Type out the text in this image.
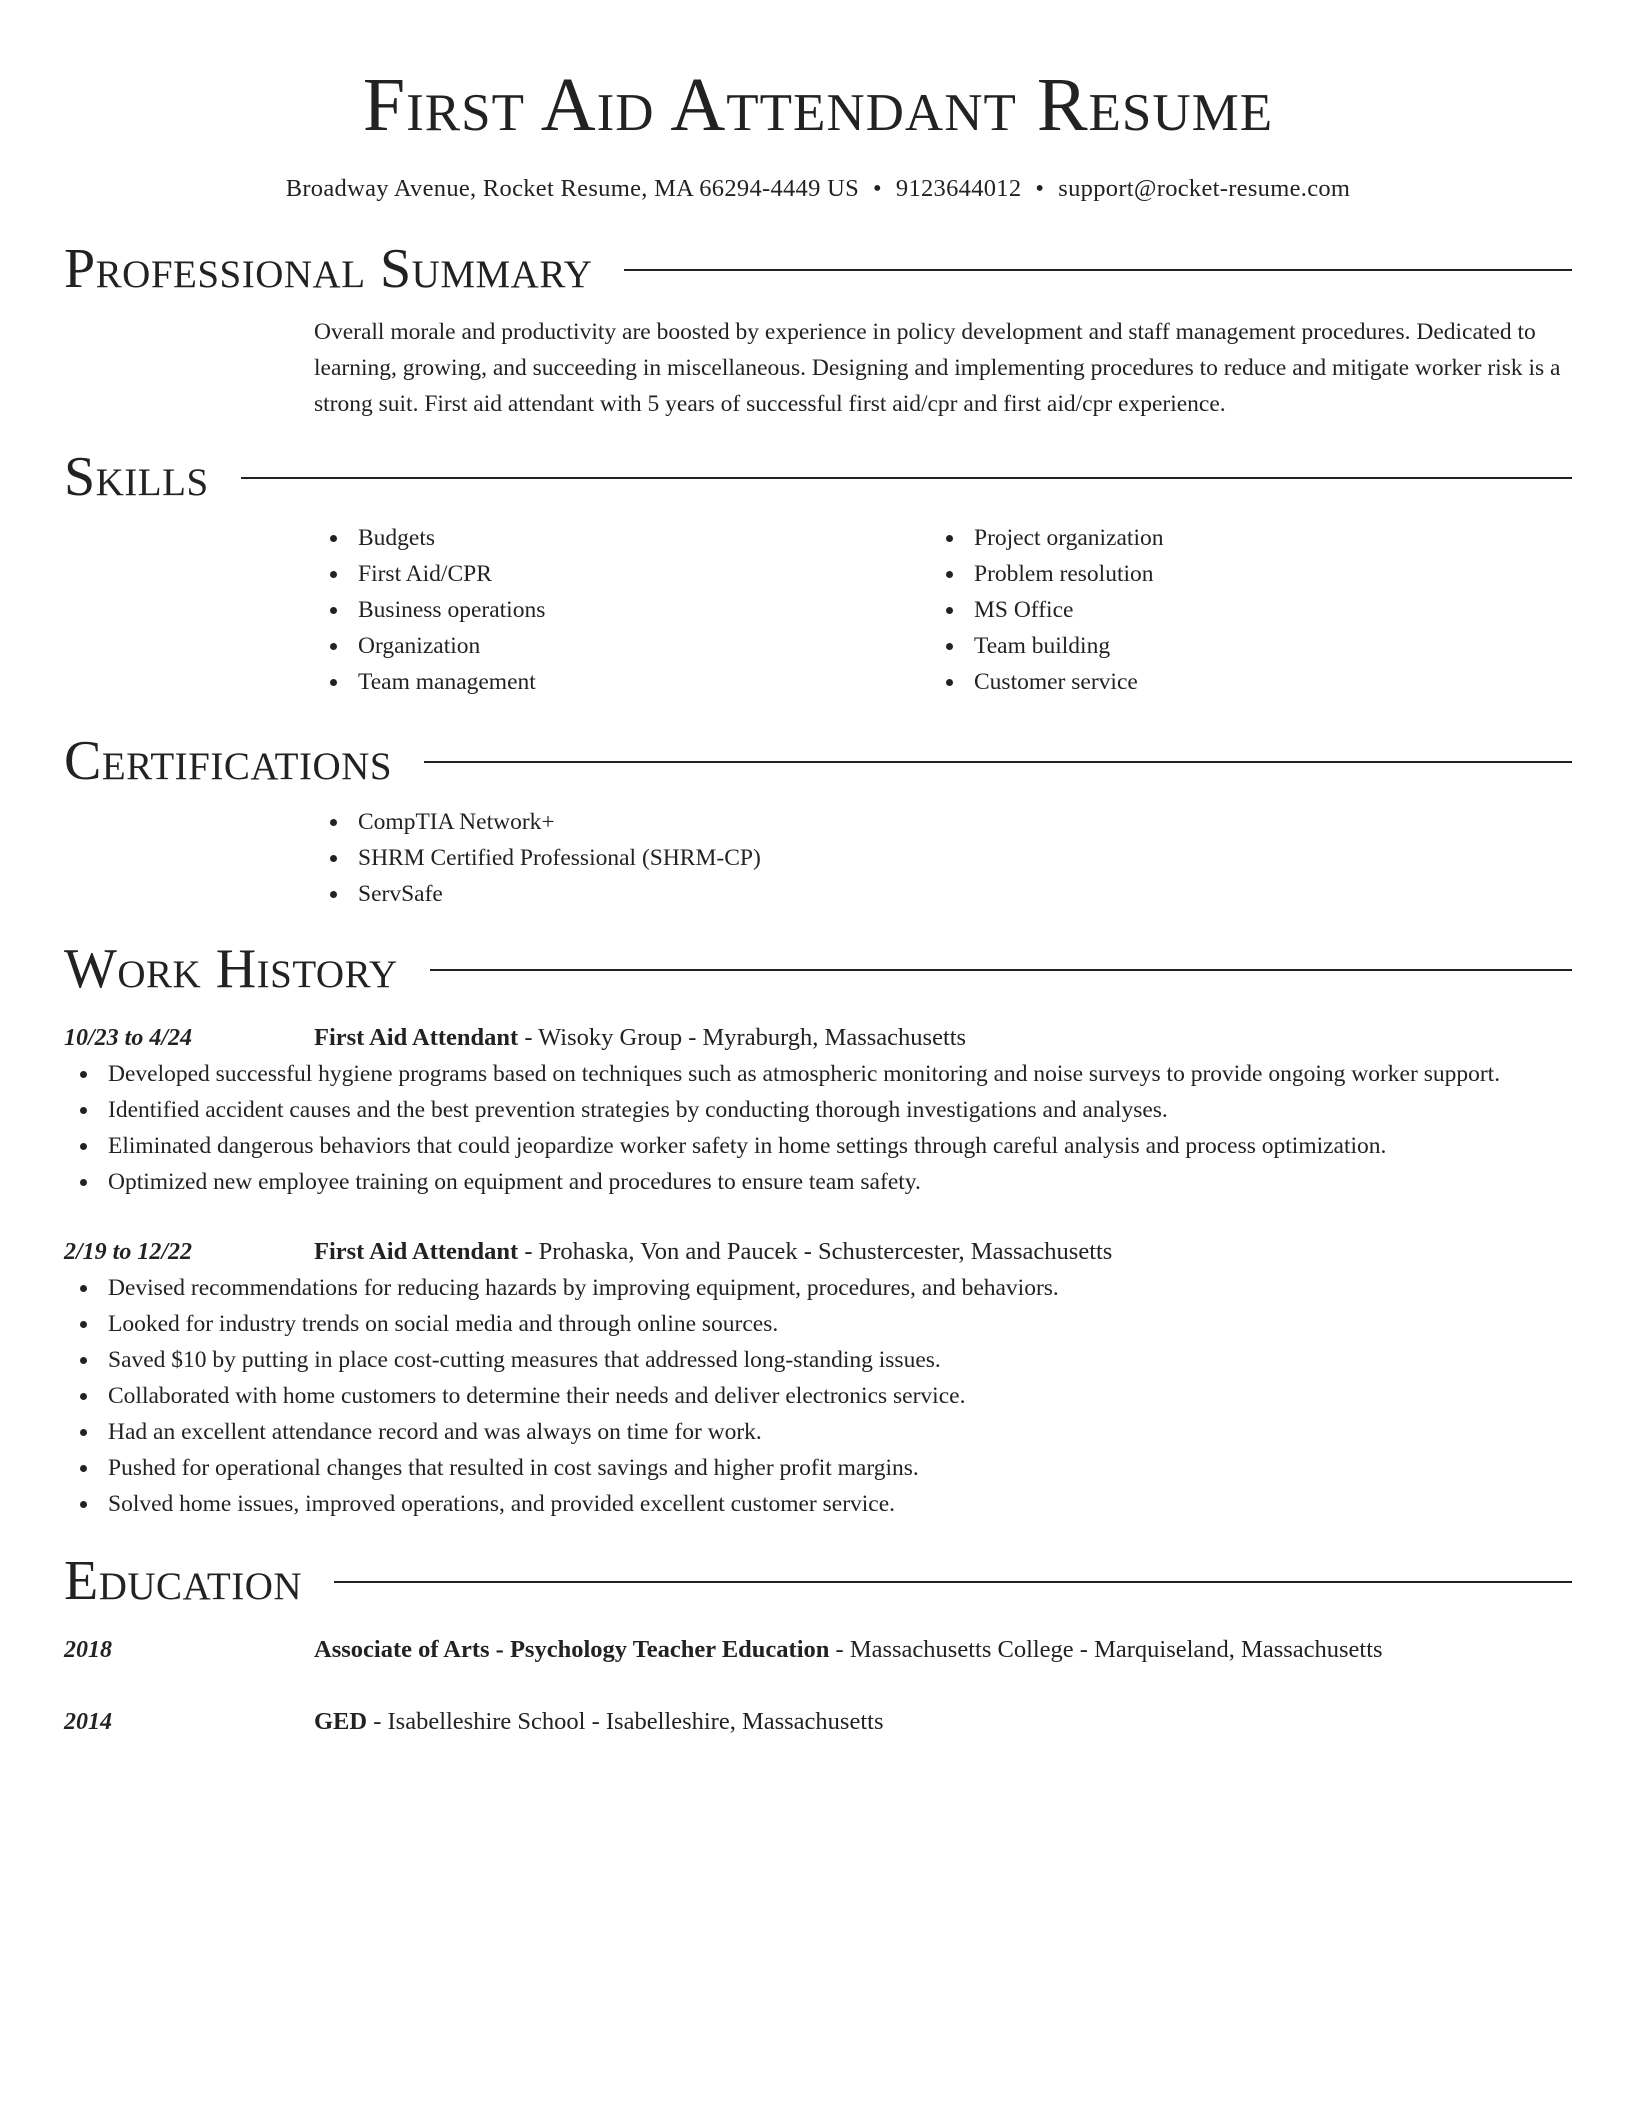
First Aid Attendant Resume
Broadway Avenue, Rocket Resume, MA 66294-4449 US • 9123644012 • support@rocket-resume.com
Professional Summary
Overall morale and productivity are boosted by experience in policy development and staff management procedures. Dedicated to learning, growing, and succeeding in miscellaneous. Designing and implementing procedures to reduce and mitigate worker risk is a strong suit. First aid attendant with 5 years of successful first aid/cpr and first aid/cpr experience.
Skills
Budgets
First Aid/CPR
Business operations
Organization
Team management
Project organization
Problem resolution
MS Office
Team building
Customer service
Certifications
CompTIA Network+
SHRM Certified Professional (SHRM-CP)
ServSafe
Work History
10/23 to 4/24	First Aid Attendant - Wisoky Group - Myraburgh, Massachusetts
Developed successful hygiene programs based on techniques such as atmospheric monitoring and noise surveys to provide ongoing worker support.
Identified accident causes and the best prevention strategies by conducting thorough investigations and analyses.
Eliminated dangerous behaviors that could jeopardize worker safety in home settings through careful analysis and process optimization.
Optimized new employee training on equipment and procedures to ensure team safety.
2/19 to 12/22	First Aid Attendant - Prohaska, Von and Paucek - Schustercester, Massachusetts
Devised recommendations for reducing hazards by improving equipment, procedures, and behaviors.
Looked for industry trends on social media and through online sources.
Saved $10 by putting in place cost-cutting measures that addressed long-standing issues.
Collaborated with home customers to determine their needs and deliver electronics service.
Had an excellent attendance record and was always on time for work.
Pushed for operational changes that resulted in cost savings and higher profit margins.
Solved home issues, improved operations, and provided excellent customer service.
Education
2018	Associate of Arts - Psychology Teacher Education - Massachusetts College - Marquiseland, Massachusetts
2014	GED - Isabelleshire School - Isabelleshire, Massachusetts
